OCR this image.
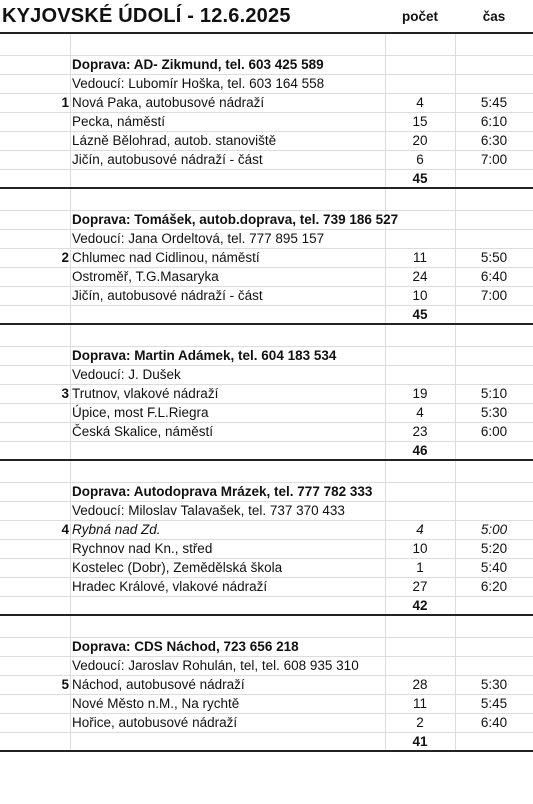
KYJOVSKÉ ÚDOLÍ - 12.6.2025	počet	čas
Doprava: AD- Zikmund, tel. 603 425 589
Vedoucí: Lubomír Hoška, tel. 603 164 558
1 Nová Paka, autobusové nádraží	4	5:45
Pecka, náměstí	15	6:10
Lázně Bělohrad, autob. stanoviště	20	6:30
Jičín, autobusové nádraží - část	6	7:00
45
Doprava: Tomášek, autob.doprava, tel. 739 186 527
Vedoucí: Jana Ordeltová, tel. 777 895 157
2 Chlumec nad Cidlinou, náměstí	11	5:50
Ostroměř, T.G.Masaryka	24	6:40
Jičín, autobusové nádraží - část	10	7:00
45
Doprava: Martin Adámek, tel. 604 183 534
Vedoucí: J. Dušek
3 Trutnov, vlakové nádraží	19	5:10
Úpice, most F.L.Riegra	4	5:30
Česká Skalice, náměstí	23	6:00
46
Doprava: Autodoprava Mrázek, tel. 777 782 333
Vedoucí: Miloslav Talavašek, tel. 737 370 433
4 Rybná nad Zd.	4	5:00
Rychnov nad Kn., střed	10	5:20
Kostelec (Dobr), Zemědělská škola	1	5:40
Hradec Králové, vlakové nádraží	27	6:20
42
Doprava: CDS Náchod, 723 656 218
Vedoucí: Jaroslav Rohulán, tel, tel. 608 935 310
5 Náchod, autobusové nádraží	28	5:30
Nové Město n.M., Na rychtě	11	5:45
Hořice, autobusové nádraží	2	6:40
41
